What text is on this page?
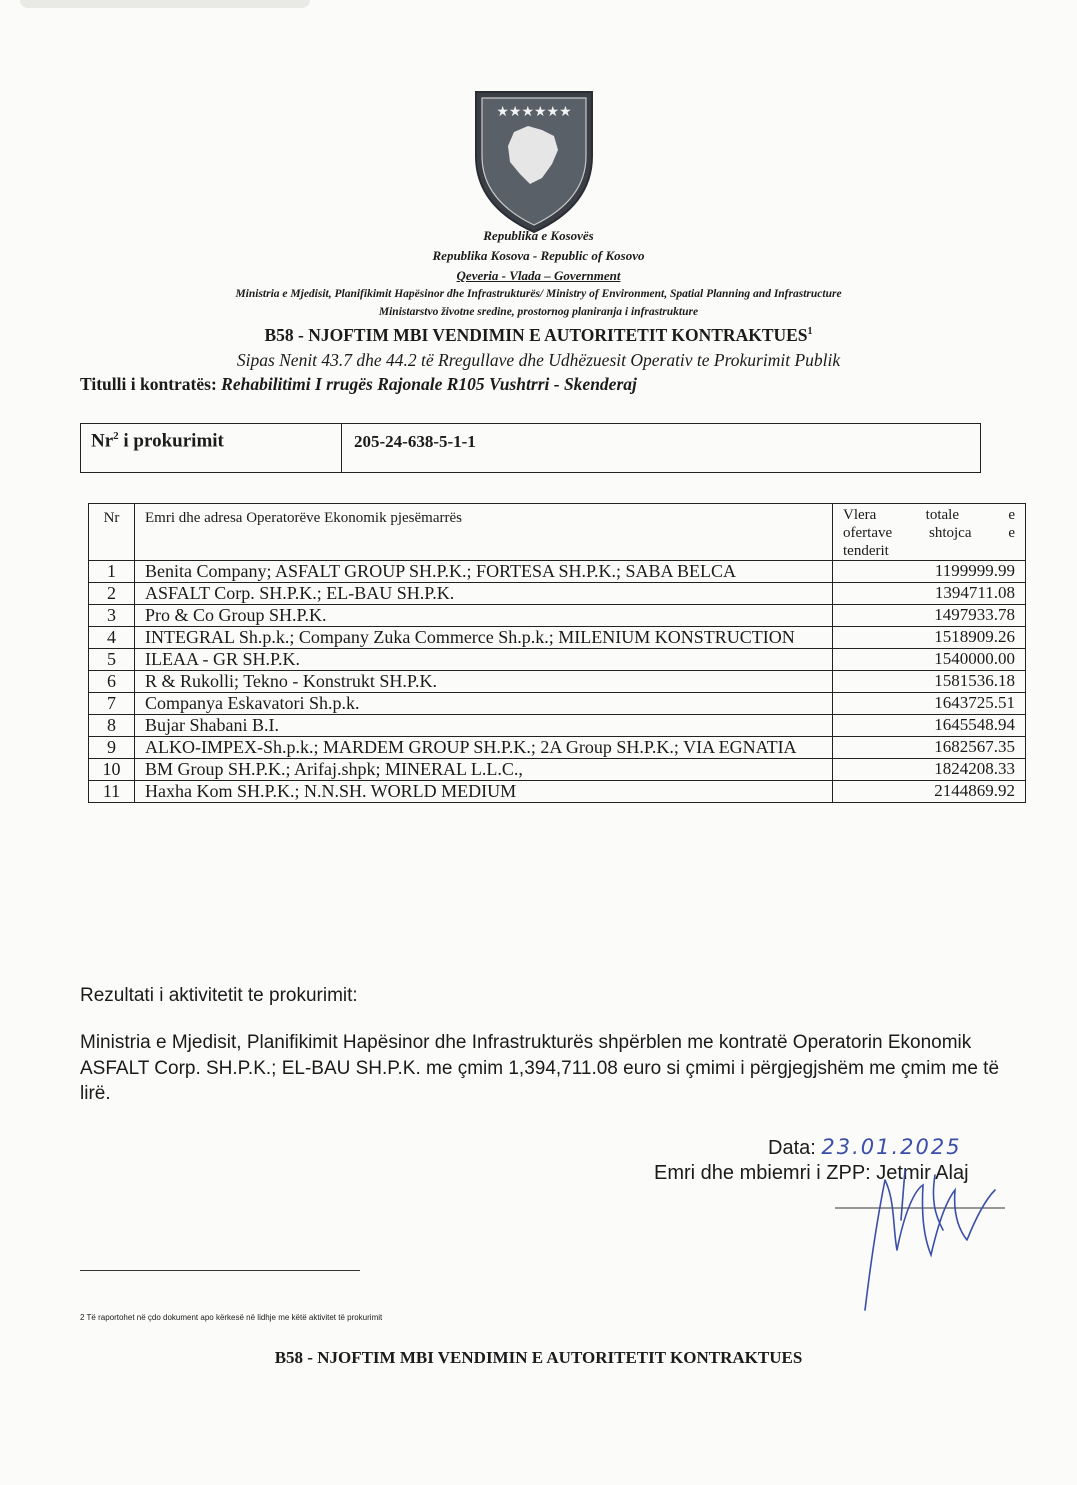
★★★★★★
Republika e Kosovës
Republika Kosova - Republic of Kosovo
Qeveria - Vlada – Government
Ministria e Mjedisit, Planifikimit Hapësinor dhe Infrastrukturës/ Ministry of Environment, Spatial Planning and Infrastructure
Ministarstvo životne sredine, prostornog planiranja i infrastrukture
B58 - NJOFTIM MBI VENDIMIN E AUTORITETIT KONTRAKTUES$^1$
Sipas Nenit 43.7 dhe 44.2 të Rregullave dhe Udhëzuesit Operativ te Prokurimit Publik
Titulli i kontratës: Rehabilitimi I rrugës Rajonale R105 Vushtrri - Skenderaj
Nr$^2$ i prokurimit	205-24-638-5-1-1
Nr	Emri dhe adresa Operatorëve Ekonomik pjesëmarrës	Vlera totale e
ofertave shtojca e
tenderit

1	Benita Company; ASFALT GROUP SH.P.K.; FORTESA SH.P.K.; SABA BELCA	1199999.99
2	ASFALT Corp. SH.P.K.; EL-BAU SH.P.K.	1394711.08
3	Pro & Co Group SH.P.K.	1497933.78
4	INTEGRAL Sh.p.k.; Company Zuka Commerce Sh.p.k.; MILENIUM KONSTRUCTION	1518909.26
5	ILEAA - GR SH.P.K.	1540000.00
6	R & Rukolli; Tekno - Konstrukt SH.P.K.	1581536.18
7	Companya Eskavatori Sh.p.k.	1643725.51
8	Bujar Shabani B.I.	1645548.94
9	ALKO-IMPEX-Sh.p.k.; MARDEM GROUP SH.P.K.; 2A Group SH.P.K.; VIA EGNATIA	1682567.35
10	BM Group SH.P.K.; Arifaj.shpk; MINERAL L.L.C.,	1824208.33
11	Haxha Kom SH.P.K.; N.N.SH. WORLD MEDIUM	2144869.92
Rezultati i aktivitetit te prokurimit:
Ministria e Mjedisit, Planifikimit Hapësinor dhe Infrastrukturës shpërblen me kontratë Operatorin Ekonomik ASFALT Corp. SH.P.K.; EL-BAU SH.P.K. me çmim 1,394,711.08 euro si çmimi i përgjegjshëm me çmim me të lirë.
Data: 23.01.2025
Emri dhe mbiemri i ZPP: Jetmir Alaj
2 Të raportohet në çdo dokument apo kërkesë në lidhje me këtë aktivitet të prokurimit
B58 - NJOFTIM MBI VENDIMIN E AUTORITETIT KONTRAKTUES
